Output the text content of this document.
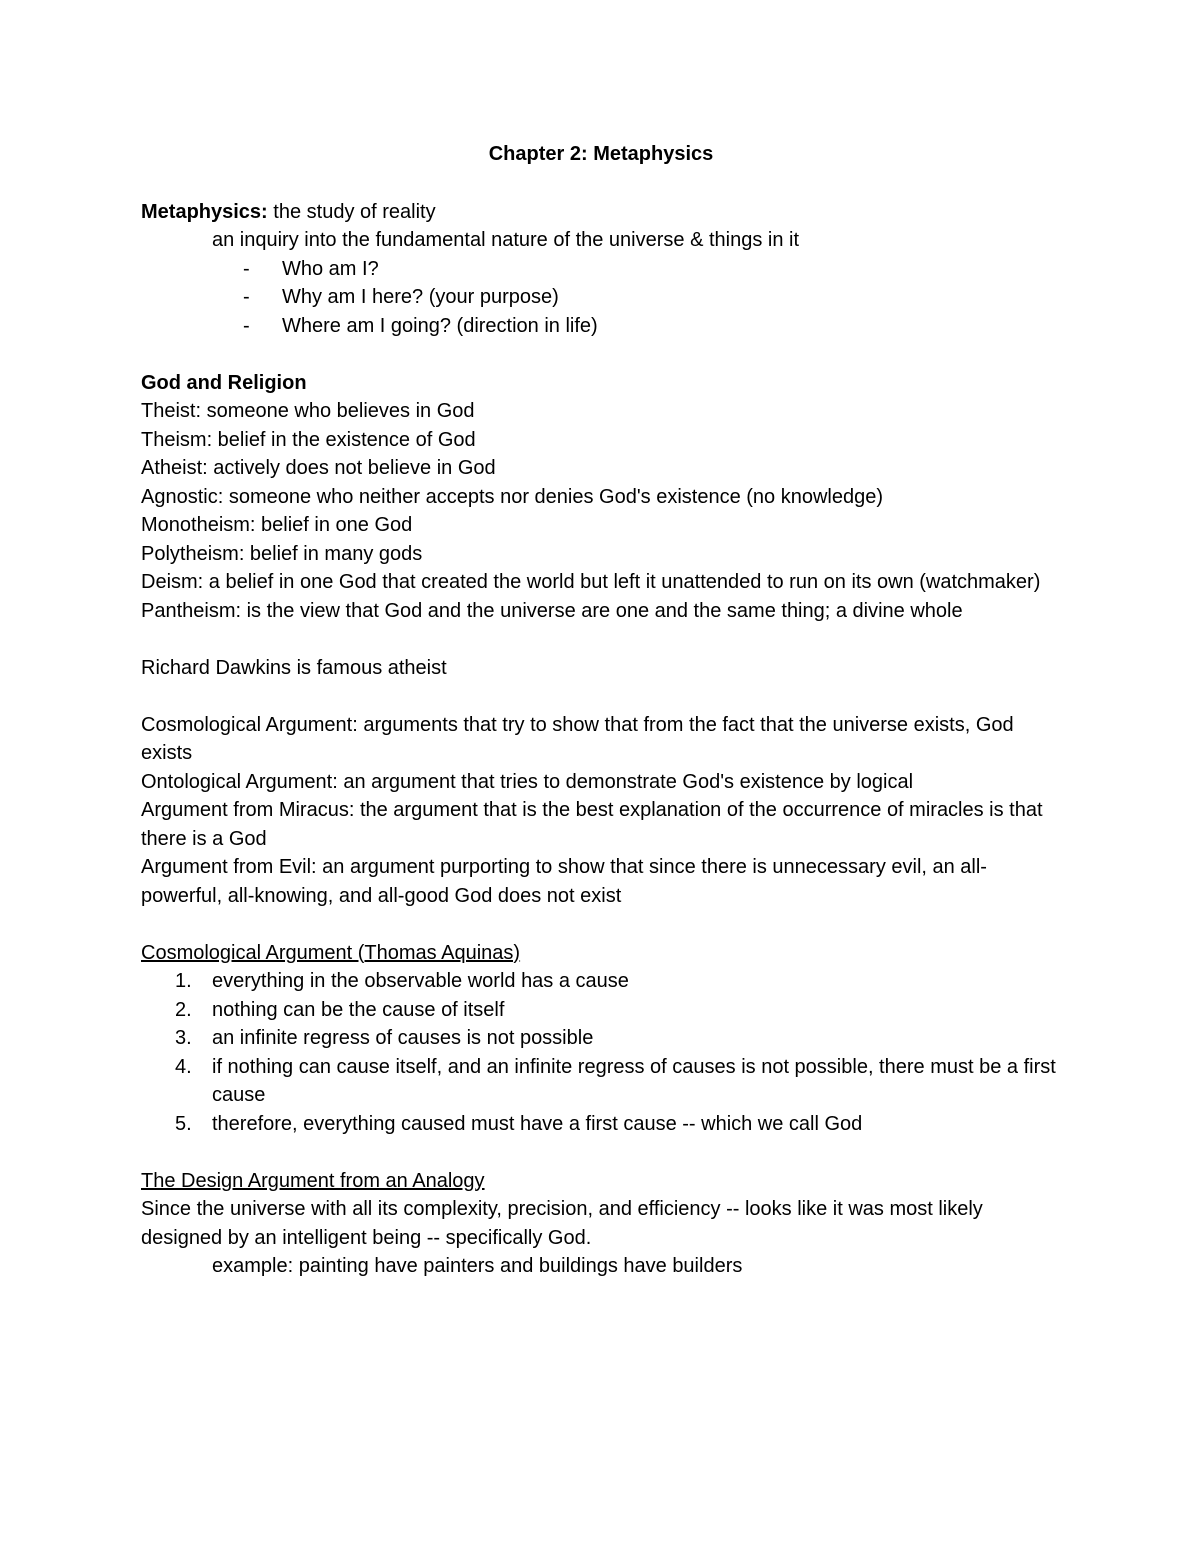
Chapter 2: Metaphysics
Metaphysics: the study of reality
an inquiry into the fundamental nature of the universe & things in it
-	Who am I?
-	Why am I here? (your purpose)
-	Where am I going? (direction in life)
God and Religion
Theist: someone who believes in God
Theism: belief in the existence of God
Atheist: actively does not believe in God
Agnostic: someone who neither accepts nor denies God's existence (no knowledge)
Monotheism: belief in one God
Polytheism: belief in many gods
Deism: a belief in one God that created the world but left it unattended to run on its own (watchmaker)
Pantheism: is the view that God and the universe are one and the same thing; a divine whole
Richard Dawkins is famous atheist
Cosmological Argument: arguments that try to show that from the fact that the universe exists, God exists
Ontological Argument: an argument that tries to demonstrate God's existence by logical
Argument from Miracus: the argument that is the best explanation of the occurrence of miracles is that there is a God
Argument from Evil: an argument purporting to show that since there is unnecessary evil, an all-powerful, all-knowing, and all-good God does not exist
Cosmological Argument (Thomas Aquinas)
1.	everything in the observable world has a cause
2.	nothing can be the cause of itself
3.	an infinite regress of causes is not possible
4.	if nothing can cause itself, and an infinite regress of causes is not possible, there must be a first cause
5.	therefore, everything caused must have a first cause -- which we call God
The Design Argument from an Analogy
Since the universe with all its complexity, precision, and efficiency -- looks like it was most likely designed by an intelligent being -- specifically God.
example: painting have painters and buildings have builders
